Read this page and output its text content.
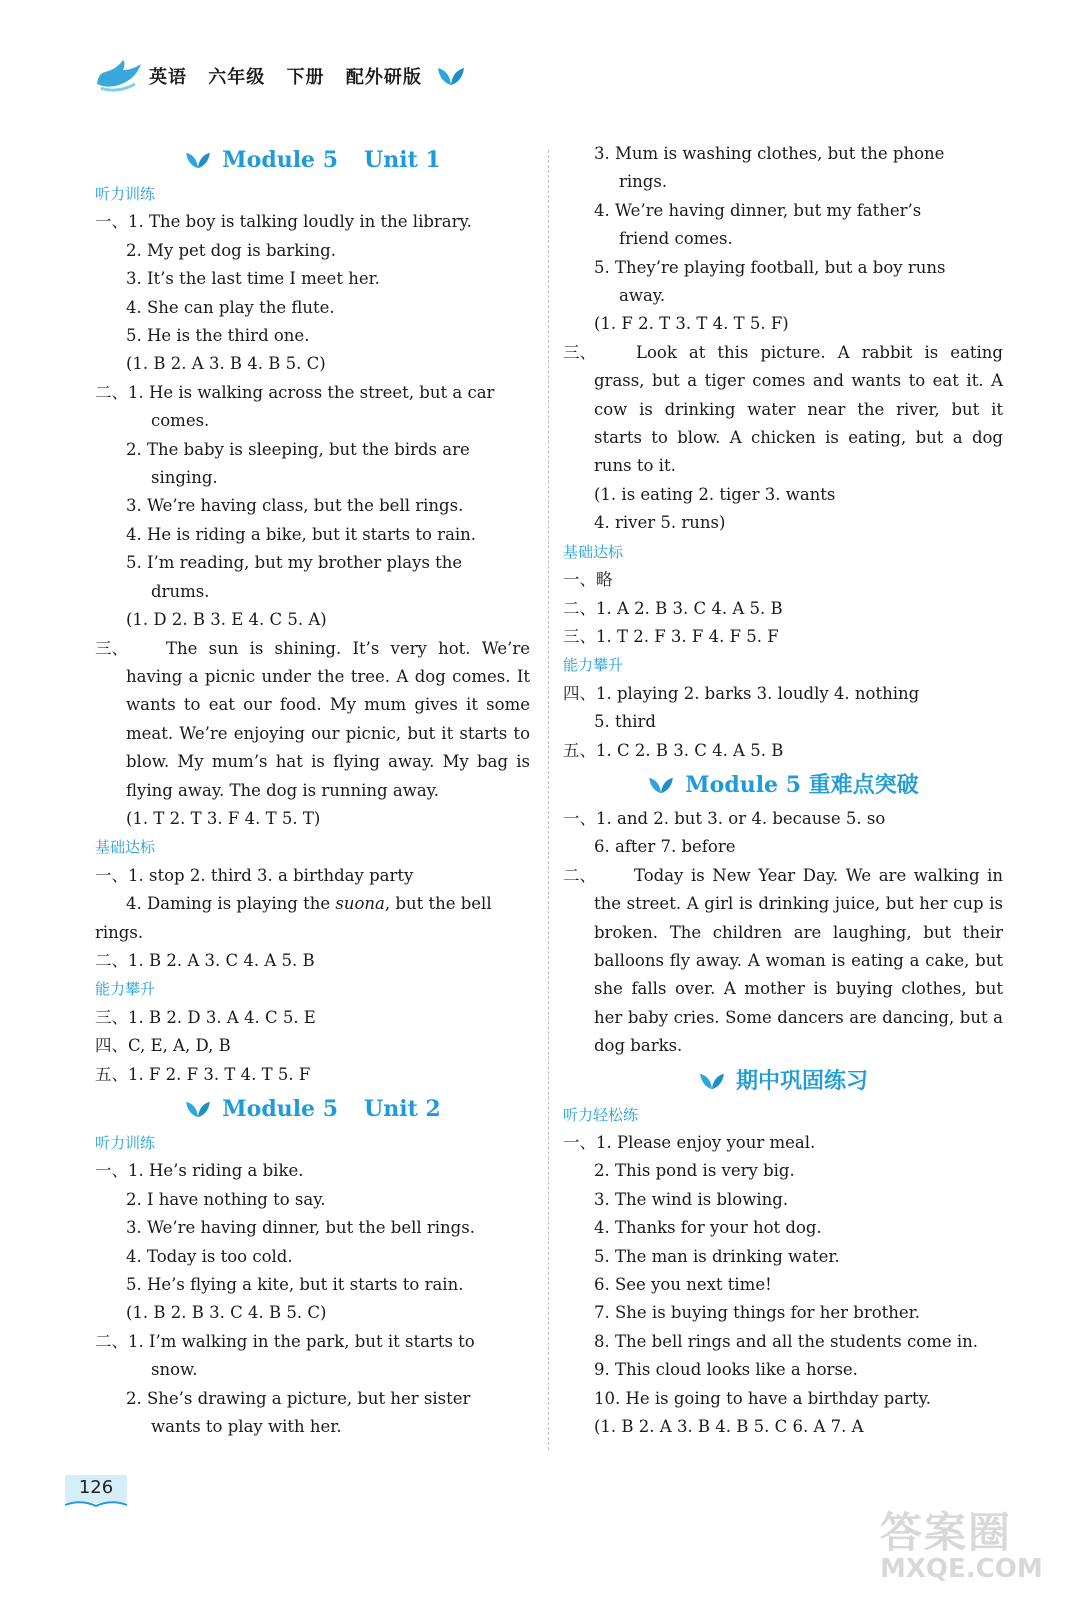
英语 六年级 下册 配外研版
Module 5 Unit 1
听力训练
一、1. The boy is talking loudly in the library.
2. My pet dog is barking.
3. It’s the last time I meet her.
4. She can play the flute.
5. He is the third one.
(1. B 2. A 3. B 4. B 5. C)
二、1. He is walking across the street, but a car
comes.
2. The baby is sleeping, but the birds are
singing.
3. We’re having class, but the bell rings.
4. He is riding a bike, but it starts to rain.
5. I’m reading, but my brother plays the
drums.
(1. D 2. B 3. E 4. C 5. A)
三、	The sun is shining. It’s very hot. We’re having a picnic under the tree. A dog comes. It wants to eat our food. My mum gives it some meat. We’re enjoying our picnic, but it starts to blow. My mum’s hat is flying away. My bag is flying away. The dog is running away.
(1. T 2. T 3. F 4. T 5. T)
基础达标
一、1. stop 2. third 3. a birthday party
4. Daming is playing the suona, but the bell
rings.
二、1. B 2. A 3. C 4. A 5. B
能力攀升
三、1. B 2. D 3. A 4. C 5. E
四、C, E, A, D, B
五、1. F 2. F 3. T 4. T 5. F
Module 5 Unit 2
听力训练
一、1. He’s riding a bike.
2. I have nothing to say.
3. We’re having dinner, but the bell rings.
4. Today is too cold.
5. He’s flying a kite, but it starts to rain.
(1. B 2. B 3. C 4. B 5. C)
二、1. I’m walking in the park, but it starts to
snow.
2. She’s drawing a picture, but her sister
wants to play with her.
3. Mum is washing clothes, but the phone
rings.
4. We’re having dinner, but my father’s
friend comes.
5. They’re playing football, but a boy runs
away.
(1. F 2. T 3. T 4. T 5. F)
三、	Look at this picture. A rabbit is eating grass, but a tiger comes and wants to eat it. A cow is drinking water near the river, but it starts to blow. A chicken is eating, but a dog runs to it.
(1. is eating 2. tiger 3. wants
4. river 5. runs)
基础达标
一、略
二、1. A 2. B 3. C 4. A 5. B
三、1. T 2. F 3. F 4. F 5. F
能力攀升
四、1. playing 2. barks 3. loudly 4. nothing
5. third
五、1. C 2. B 3. C 4. A 5. B
Module 5 重难点突破
一、1. and 2. but 3. or 4. because 5. so
6. after 7. before
二、	Today is New Year Day. We are walking in the street. A girl is drinking juice, but her cup is broken. The children are laughing, but their balloons fly away. A woman is eating a cake, but she falls over. A mother is buying clothes, but her baby cries. Some dancers are dancing, but a dog barks.
期中巩固练习
听力轻松练
一、1. Please enjoy your meal.
2. This pond is very big.
3. The wind is blowing.
4. Thanks for your hot dog.
5. The man is drinking water.
6. See you next time!
7. She is buying things for her brother.
8. The bell rings and all the students come in.
9. This cloud looks like a horse.
10. He is going to have a birthday party.
(1. B 2. A 3. B 4. B 5. C 6. A 7. A
126
答案圈
MXQE.COM
